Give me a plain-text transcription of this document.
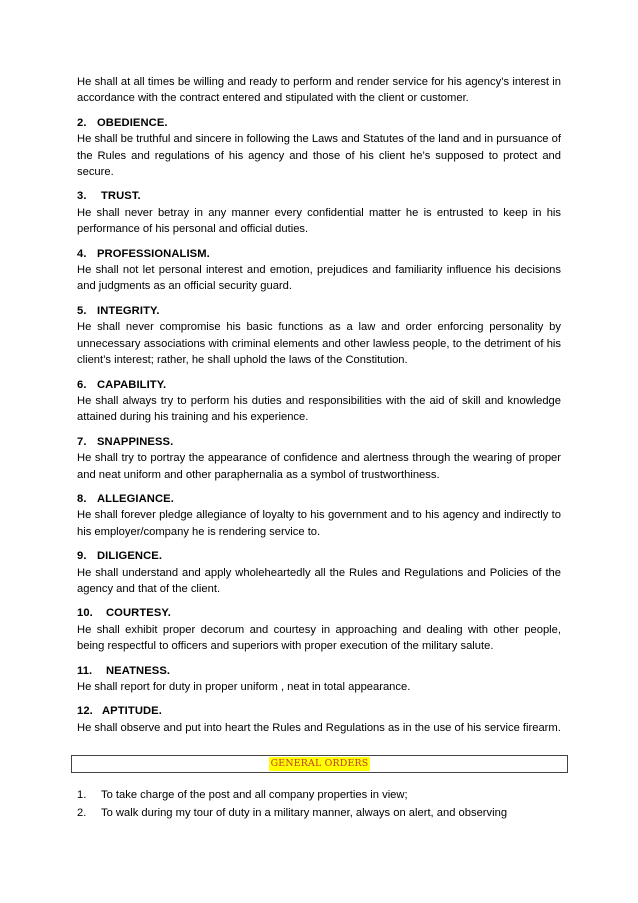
He shall at all times be willing and ready to perform and render service for his agency’s interest in accordance with the contract entered and stipulated with the client or customer.

2. OBEDIENCE.

He shall be truthful and sincere in following the Laws and Statutes of the land and in pursuance of the Rules and regulations of his agency and those of his client he’s supposed to protect and secure.

3. TRUST.

He shall never betray in any manner every confidential matter he is entrusted to keep in his performance of his personal and official duties.

4. PROFESSIONALISM.

He shall not let personal interest and emotion, prejudices and familiarity influence his decisions and judgments as an official security guard.

5. INTEGRITY.

He shall never compromise his basic functions as a law and order enforcing personality by unnecessary associations with criminal elements and other lawless people, to the detriment of his client’s interest; rather, he shall uphold the laws of the Constitution.

6. CAPABILITY.

He shall always try to perform his duties and responsibilities with the aid of skill and knowledge attained during his training and his experience.

7. SNAPPINESS.

He shall try to portray the appearance of confidence and alertness through the wearing of proper and neat uniform and other paraphernalia as a symbol of trustworthiness.

8. ALLEGIANCE.

He shall forever pledge allegiance of loyalty to his government and to his agency and indirectly to his employer/company he is rendering service to.

9. DILIGENCE.

He shall understand and apply wholeheartedly all the Rules and Regulations and Policies of the agency and that of the client.

10. COURTESY.

He shall exhibit proper decorum and courtesy in approaching and dealing with other people, being respectful to officers and superiors with proper execution of the military salute.

11. NEATNESS.

He shall report for duty in proper uniform , neat in total appearance.

12. APTITUDE.

He shall observe and put into heart the Rules and Regulations as in the use of his service firearm.

GENERAL ORDERS
1.	To take charge of the post and all company properties in view;
2.	To walk during my tour of duty in a military manner, always on alert, and observing
